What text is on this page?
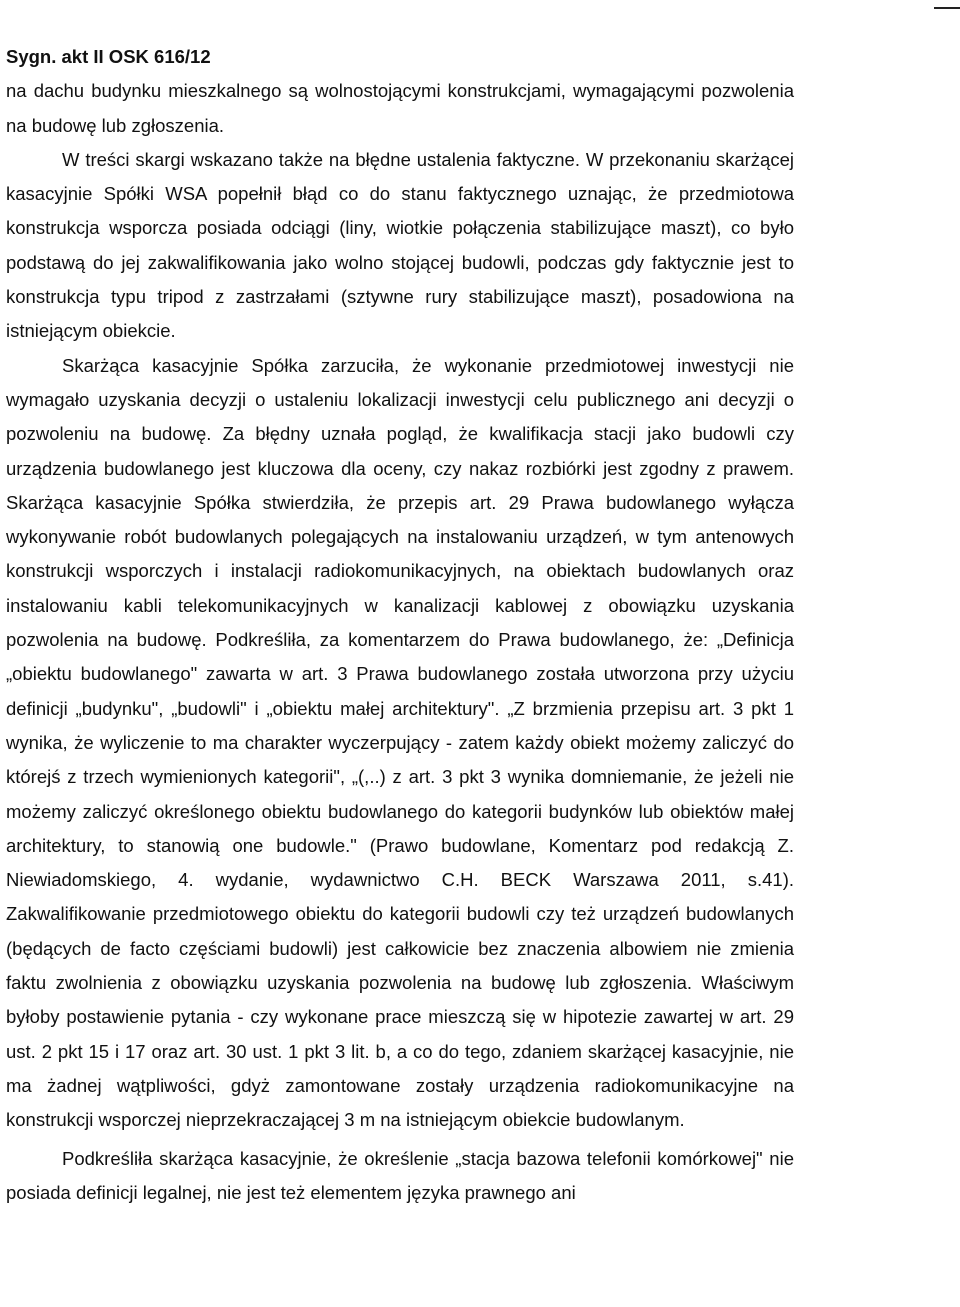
Sygn. akt II OSK 616/12

na dachu budynku mieszkalnego są wolnostojącymi konstrukcjami, wymagającymi pozwolenia na budowę lub zgłoszenia.

W treści skargi wskazano także na błędne ustalenia faktyczne. W przekonaniu skarżącej kasacyjnie Spółki WSA popełnił błąd co do stanu faktycznego uznając, że przedmiotowa konstrukcja wsporcza posiada odciągi (liny, wiotkie połączenia stabilizujące maszt), co było podstawą do jej zakwalifikowania jako wolno stojącej budowli, podczas gdy faktycznie jest to konstrukcja typu tripod z zastrzałami (sztywne rury stabilizujące maszt), posadowiona na istniejącym obiekcie.

Skarżąca kasacyjnie Spółka zarzuciła, że wykonanie przedmiotowej inwestycji nie wymagało uzyskania decyzji o ustaleniu lokalizacji inwestycji celu publicznego ani decyzji o pozwoleniu na budowę. Za błędny uznała pogląd, że kwalifikacja stacji jako budowli czy urządzenia budowlanego jest kluczowa dla oceny, czy nakaz rozbiórki jest zgodny z prawem. Skarżąca kasacyjnie Spółka stwierdziła, że przepis art. 29 Prawa budowlanego wyłącza wykonywanie robót budowlanych polegających na instalowaniu urządzeń, w tym antenowych konstrukcji wsporczych i instalacji radiokomunikacyjnych, na obiektach budowlanych oraz instalowaniu kabli telekomunikacyjnych w kanalizacji kablowej z obowiązku uzyskania pozwolenia na budowę. Podkreśliła, za komentarzem do Prawa budowlanego, że: „Definicja „obiektu budowlanego" zawarta w art. 3 Prawa budowlanego została utworzona przy użyciu definicji „budynku", „budowli" i „obiektu małej architektury". „Z brzmienia przepisu art. 3 pkt 1 wynika, że wyliczenie to ma charakter wyczerpujący - zatem każdy obiekt możemy zaliczyć do którejś z trzech wymienionych kategorii", „(,..) z art. 3 pkt 3 wynika domniemanie, że jeżeli nie możemy zaliczyć określonego obiektu budowlanego do kategorii budynków lub obiektów małej architektury, to stanowią one budowle." (Prawo budowlane, Komentarz pod redakcją Z. Niewiadomskiego, 4. wydanie, wydawnictwo C.H. BECK Warszawa 2011, s.41). Zakwalifikowanie przedmiotowego obiektu do kategorii budowli czy też urządzeń budowlanych (będących de facto częściami budowli) jest całkowicie bez znaczenia albowiem nie zmienia faktu zwolnienia z obowiązku uzyskania pozwolenia na budowę lub zgłoszenia. Właściwym byłoby postawienie pytania - czy wykonane prace mieszczą się w hipotezie zawartej w art. 29 ust. 2 pkt 15 i 17 oraz art. 30 ust. 1 pkt 3 lit. b, a co do tego, zdaniem skarżącej kasacyjnie, nie ma żadnej wątpliwości, gdyż zamontowane zostały urządzenia radiokomunikacyjne na konstrukcji wsporczej nieprzekraczającej 3 m na istniejącym obiekcie budowlanym.

Podkreśliła skarżąca kasacyjnie, że określenie „stacja bazowa telefonii komórkowej" nie posiada definicji legalnej, nie jest też elementem języka prawnego ani
